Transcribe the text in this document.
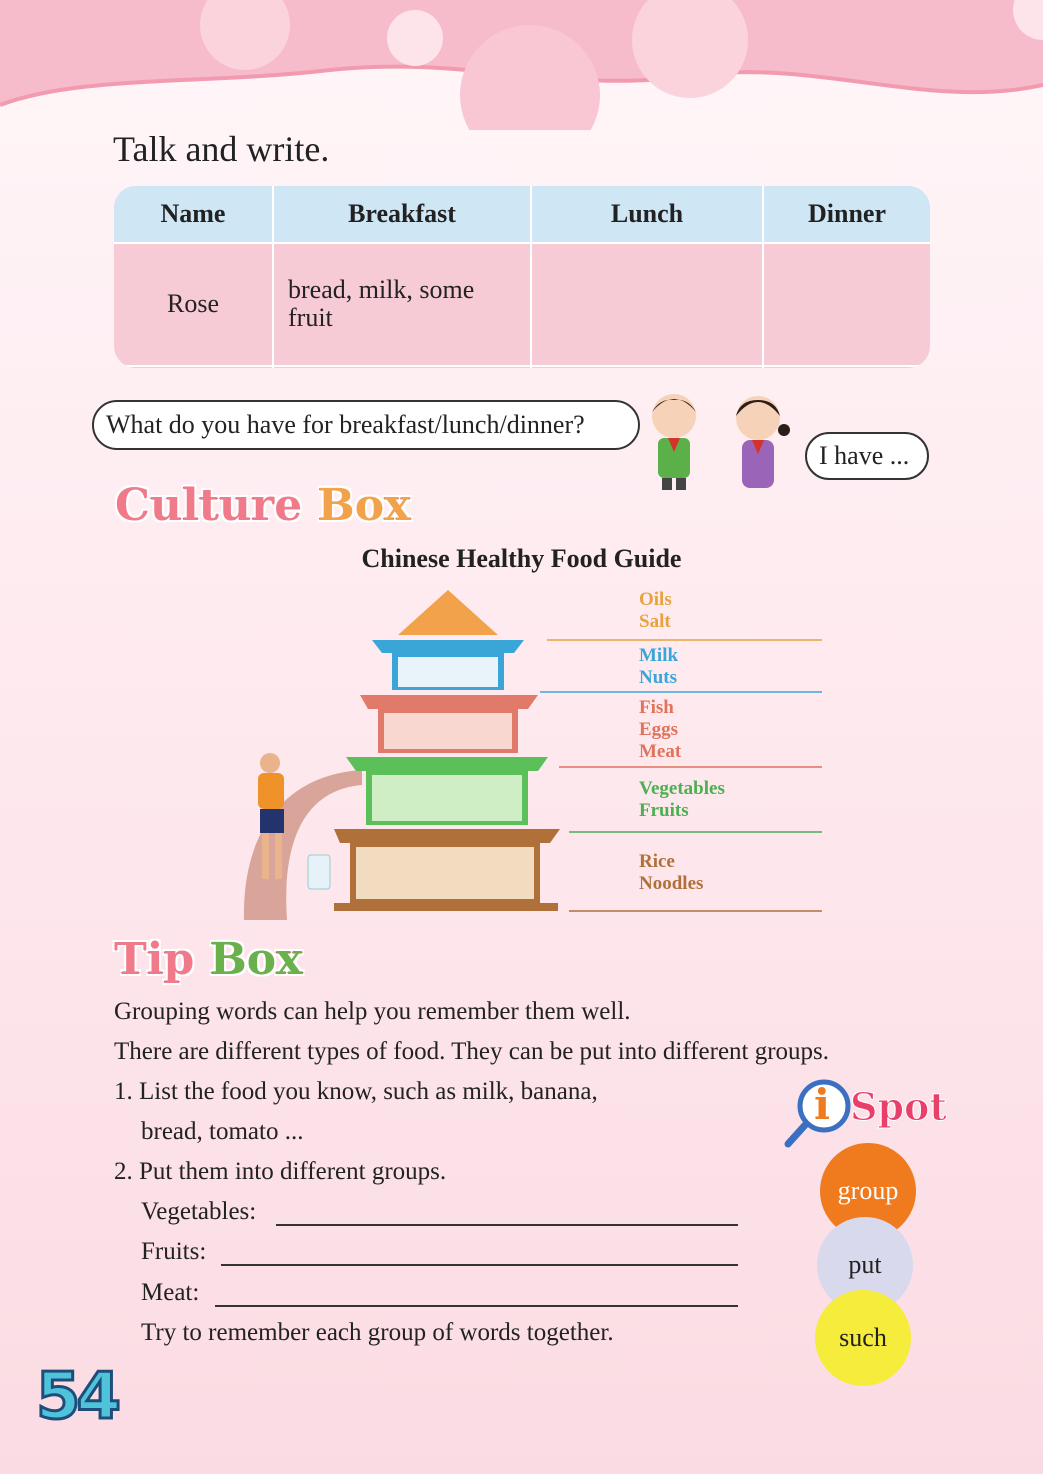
Talk and write.
Name	Breakfast	Lunch	Dinner
Rose	bread, milk, some fruit		

What do you have for breakfast/lunch/dinner?
I have ...
Culture Box
Chinese Healthy Food Guide
Oils
Salt
Milk
Nuts
Fish
Eggs
Meat
Vegetables
Fruits
Rice
Noodles
Tip Box
Grouping words can help you remember them well.
There are different types of food. They can be put into different groups.
1. List the food you know, such as milk, banana,
bread, tomato ...
2. Put them into different groups.
Vegetables:
Fruits:
Meat:
Try to remember each group of words together.
i Spot
group
put
such
54
